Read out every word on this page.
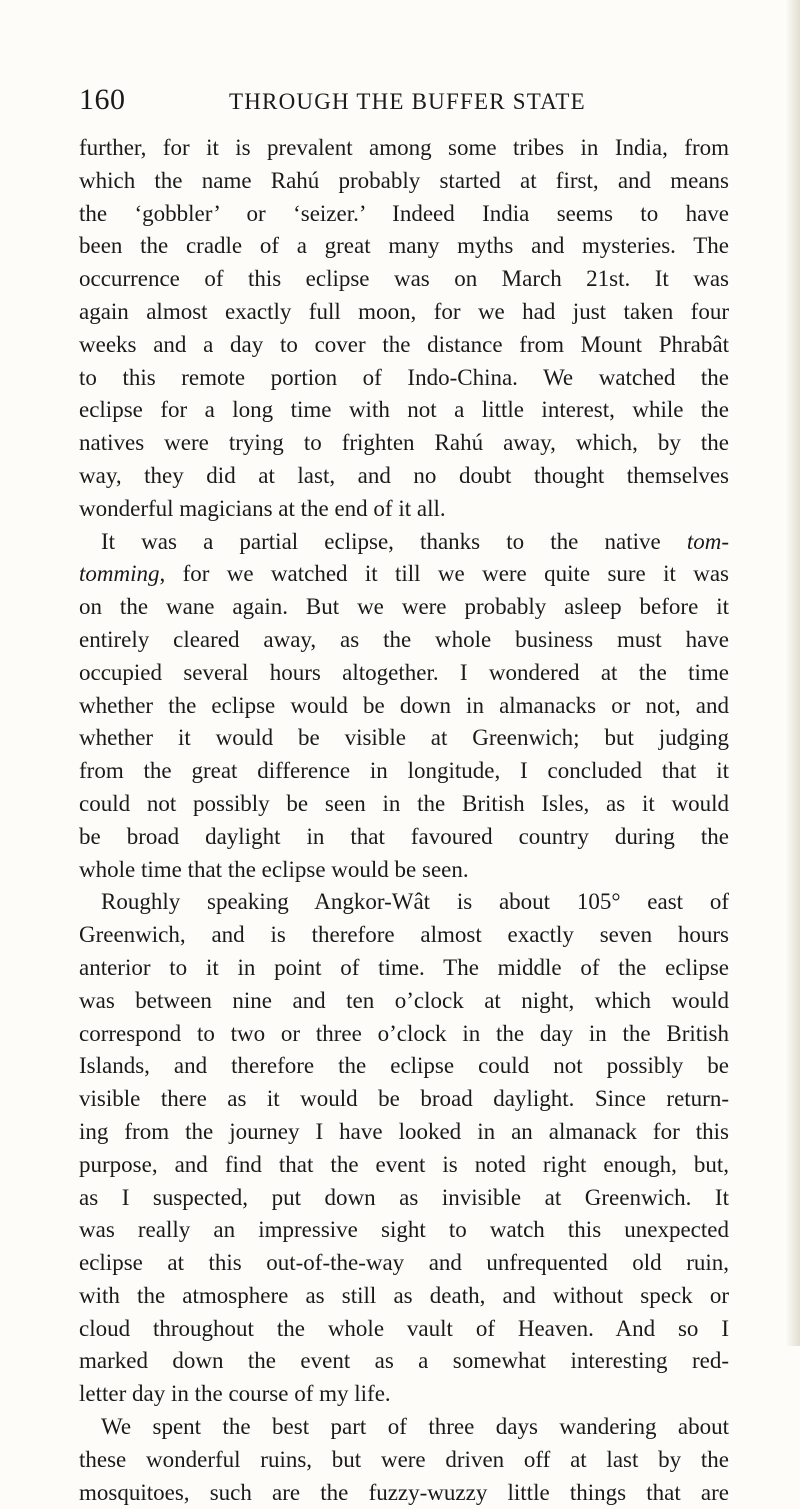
160	THROUGH THE BUFFER STATE
further, for it is prevalent among some tribes in India, from
which the name Rahú probably started at first, and means
the ‘gobbler’ or ‘seizer.’ Indeed India seems to have
been the cradle of a great many myths and mysteries. The
occurrence of this eclipse was on March 21st. It was
again almost exactly full moon, for we had just taken four
weeks and a day to cover the distance from Mount Phrabât
to this remote portion of Indo-China. We watched the
eclipse for a long time with not a little interest, while the
natives were trying to frighten Rahú away, which, by the
way, they did at last, and no doubt thought themselves
wonderful magicians at the end of it all.
It was a partial eclipse, thanks to the native tom-
tomming, for we watched it till we were quite sure it was
on the wane again. But we were probably asleep before it
entirely cleared away, as the whole business must have
occupied several hours altogether. I wondered at the time
whether the eclipse would be down in almanacks or not, and
whether it would be visible at Greenwich; but judging
from the great difference in longitude, I concluded that it
could not possibly be seen in the British Isles, as it would
be broad daylight in that favoured country during the
whole time that the eclipse would be seen.
Roughly speaking Angkor-Wât is about 105° east of
Greenwich, and is therefore almost exactly seven hours
anterior to it in point of time. The middle of the eclipse
was between nine and ten o’clock at night, which would
correspond to two or three o’clock in the day in the British
Islands, and therefore the eclipse could not possibly be
visible there as it would be broad daylight. Since return-
ing from the journey I have looked in an almanack for this
purpose, and find that the event is noted right enough, but,
as I suspected, put down as invisible at Greenwich. It
was really an impressive sight to watch this unexpected
eclipse at this out-of-the-way and unfrequented old ruin,
with the atmosphere as still as death, and without speck or
cloud throughout the whole vault of Heaven. And so I
marked down the event as a somewhat interesting red-
letter day in the course of my life.
We spent the best part of three days wandering about
these wonderful ruins, but were driven off at last by the
mosquitoes, such are the fuzzy-wuzzy little things that are
